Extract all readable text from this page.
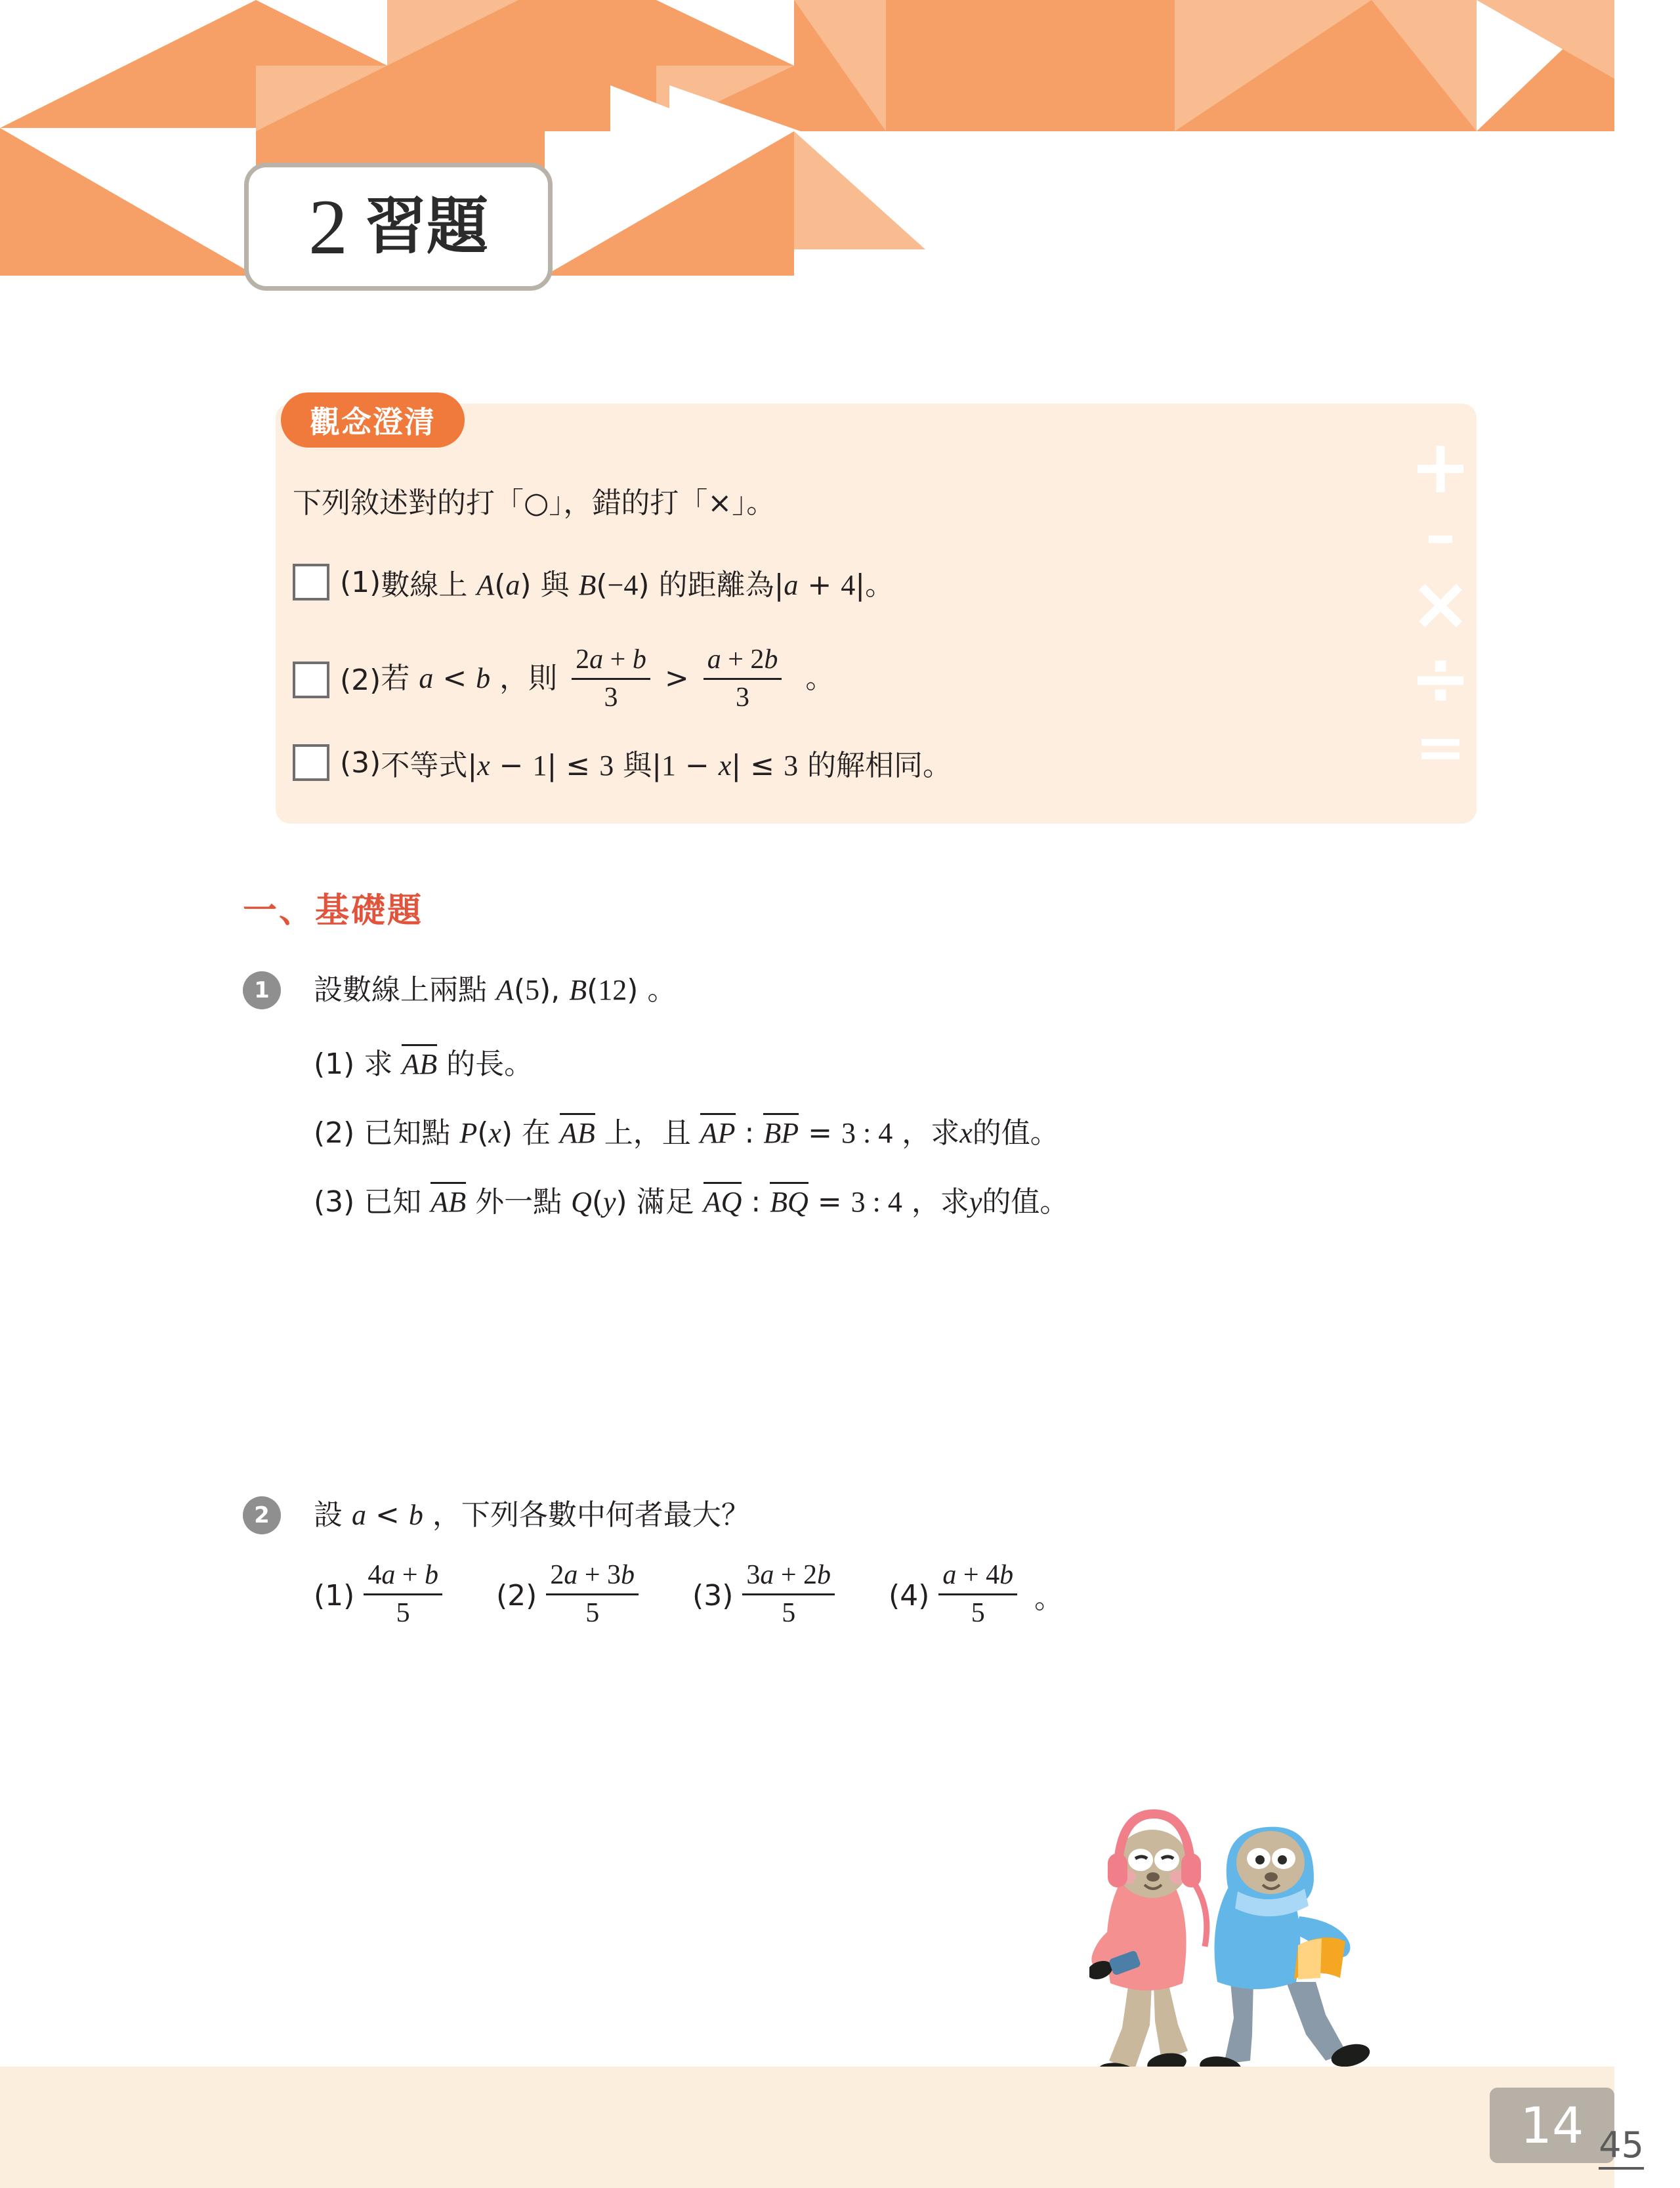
2 習題
+
–
×
÷
=
觀念澄清
下列敘述對的打「○」，錯的打「×」。
(1) 數線上 A(a) 與 B(−4) 的距離為|a + 4|。
(2) 若 a < b ，則 $\frac{2a + b}{3} > \frac{a + 2b}{3}$ 。
(3) 不等式|x − 1| ≤ 3 與|1 − x| ≤ 3 的解相同。
一、基礎題
1	設數線上兩點 A(5), B(12) 。
(1) 求 AB 的長。
(2) 已知點 P(x) 在 AB 上，且 AP : BP = 3 : 4 ，求x的值。
(3) 已知 AB 外一點 Q(y) 滿足 AQ : BQ = 3 : 4 ，求y的值。
2	設 a < b ，下列各數中何者最大？
$(1) \frac{4a + b}{5} (2) \frac{2a + 3b}{5} (3) \frac{3a + 2b}{5} (4) \frac{a + 4b}{5}$ 。
14 45
